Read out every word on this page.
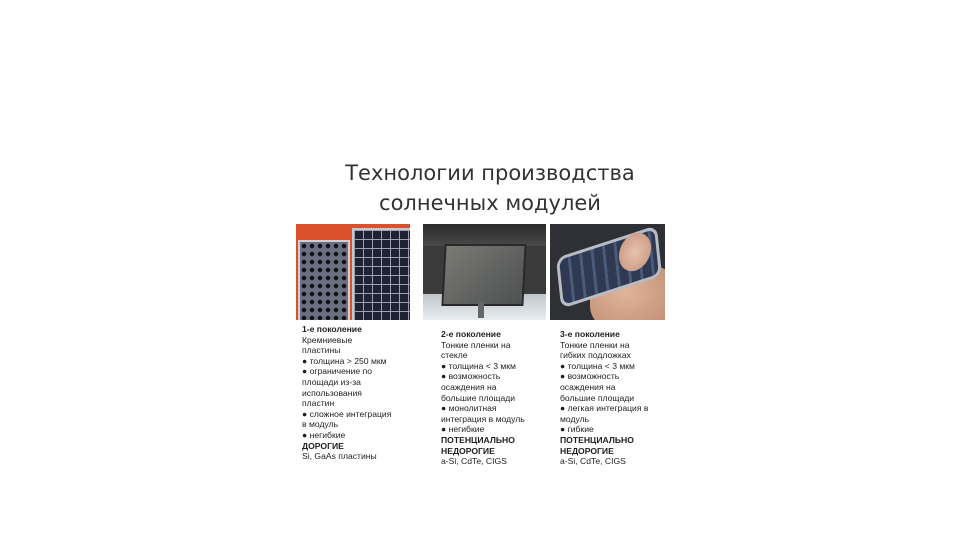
Технологии производства
солнечных модулей
1-е поколение
Кремниевые
пластины
● толщина > 250 мкм
● ограничение по
площади из-за
использования
пластин
● сложное интеграция
в модуль
● негибкие
ДОРОГИЕ
Si, GaAs пластины
2-е поколение
Тонкие пленки на
стекле
● толщина < 3 мкм
● возможность
осаждения на
большие площади
● монолитная
интеграция в модуль
● негибкие
ПОТЕНЦИАЛЬНО
НЕДОРОГИЕ
a-Si, CdTe, CIGS
3-е поколение
Тонкие пленки на
гибких подложках
● толщина < 3 мкм
● возможность
осаждения на
большие площади
● легкая интеграция в
модуль
● гибкие
ПОТЕНЦИАЛЬНО
НЕДОРОГИЕ
a-Si, CdTe, CIGS
